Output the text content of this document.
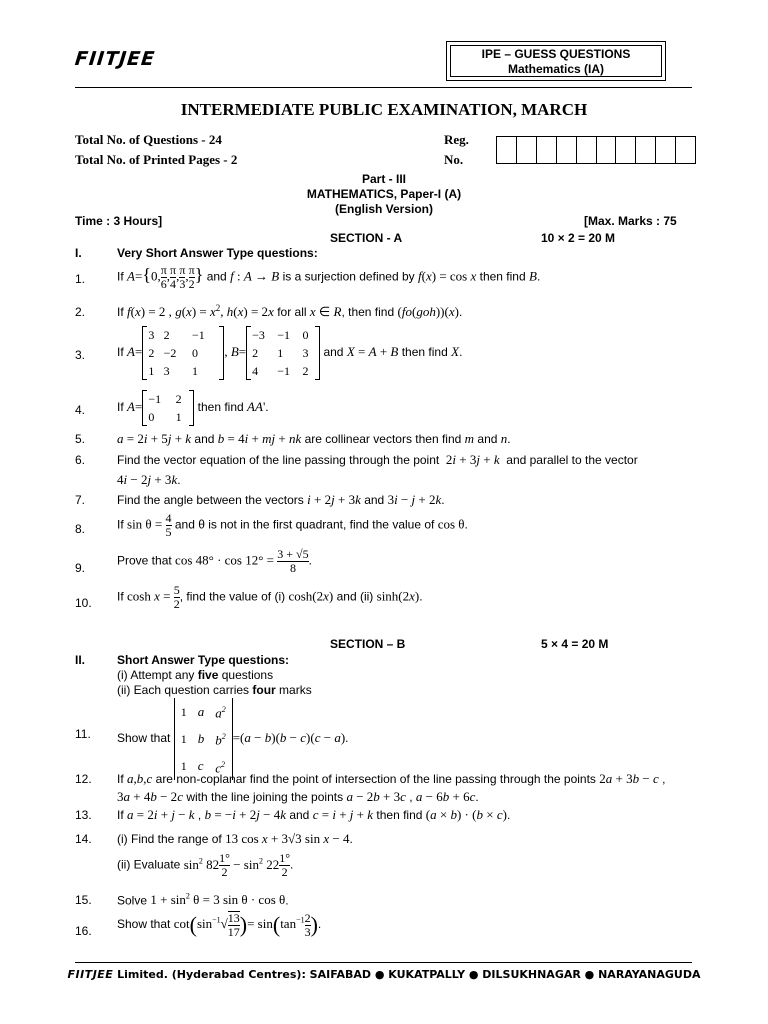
FIITJEE	IPE – GUESS QUESTIONS
Mathematics (IA)
INTERMEDIATE PUBLIC EXAMINATION, MARCH
Total No. of Questions - 24
Total No. of Printed Pages - 2
Reg.
No.
Part - III
MATHEMATICS, Paper-I (A)
(English Version)
Time : 3 Hours]	[Max. Marks : 75
SECTION - A	10 × 2 = 20 M
I.	Very Short Answer Type questions:
1.	If A={0, $\frac{\pi}{6}$ , $\frac{\pi}{4}$ , $\frac{\pi}{3}$ , $\frac{\pi}{2}$ } and f : A → B is a surjection defined by f(x) = cos x then find B.
2.	If f(x) = 2 , $g(x) = x^2$, h(x) = 2x for all x ∈ R, then find (fo(goh))(x).
3.	If A=
3	2	−1
2	−2	0
1	3	1
, B=
−3	−1	0
2	1	3
4	−1	2
and X = A + B then find X.
4.	If A=
−1	2
0	1
then find AA'.
5. a = 2i + 5j + k and b = 4i + mj + nk are collinear vectors then find m and n.
6.	Find the vector equation of the line passing through the point 2i + 3j + k and parallel to the vector
4i − 2j + 3k.
7.	Find the angle between the vectors i + 2j + 3k and 3i − j + 2k.
8.	If $\sin \theta = \frac{4}{5}$ and θ is not in the first quadrant, find the value of cos θ.
9.
Prove that $\cos 48^\circ \cdot \cos 12^\circ = \frac{3 + √5}{8}$ .
10. If $\cosh x = \frac{5}{2}$ , find the value of (i) cosh(2x) and (ii) sinh(2x).
SECTION – B	5 × 4 = 20 M
II.	Short Answer Type questions:
(i) Attempt any five questions
(ii) Each question carries four marks
11. Show that
1	a	$a^2$
1	b	$b^2$
1	c	$c^2$
=(a − b)(b − c)(c − a).
12. If a,b,c are non-coplanar find the point of intersection of the line passing through the points 2a + 3b − c ,
3a + 4b − 2c with the line joining the points a − 2b + 3c , a − 6b + 6c.
13. If a = 2i + j − k , b = −i + 2j − 4k and c = i + j + k then find (a × b) · (b × c).
14. (i) Find the range of 13 cos x + 3√3 sin x − 4.
(ii) Evaluate $\sin^2 82 \frac{1^\circ}{2} - \sin^2 22 \frac{1^\circ}{2}$ .
15. Solve $1 + \sin^2 \theta = 3$ sin θ · cos θ.
16. Show that $\cot(\sin^{-1}√ \frac{13}{17}$ )= $\sin(\tan^{-1} \frac{2}{3}$ ).
FIITJEE Limited. (Hyderabad Centres): SAIFABAD ● KUKATPALLY ● DILSUKHNAGAR ● NARAYANAGUDA
